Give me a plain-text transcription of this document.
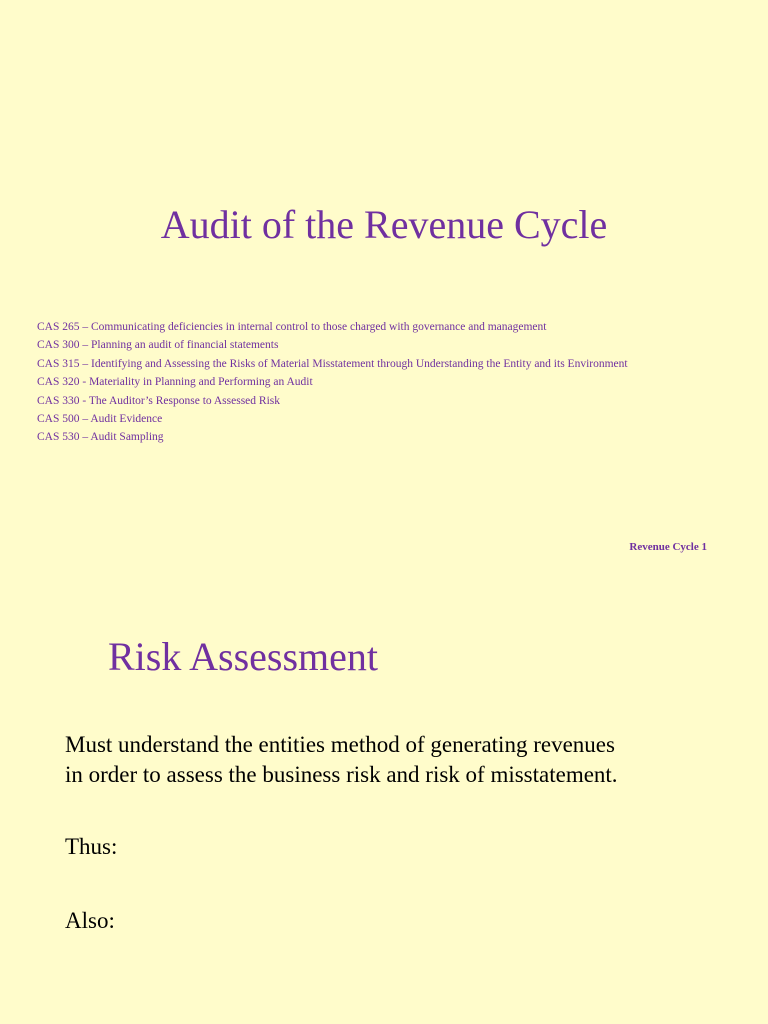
Audit of the Revenue Cycle
CAS 265 – Communicating deficiencies in internal control to those charged with governance and management
CAS 300 – Planning an audit of financial statements
CAS 315 – Identifying and Assessing the Risks of Material Misstatement through Understanding the Entity and its Environment
CAS 320 - Materiality in Planning and Performing an Audit
CAS 330 - The Auditor’s Response to Assessed Risk
CAS 500 – Audit Evidence
CAS 530 – Audit Sampling
Revenue Cycle 1
Risk Assessment

Must understand the entities method of generating revenues
in order to assess the business risk and risk of misstatement.

Thus:
Also:
